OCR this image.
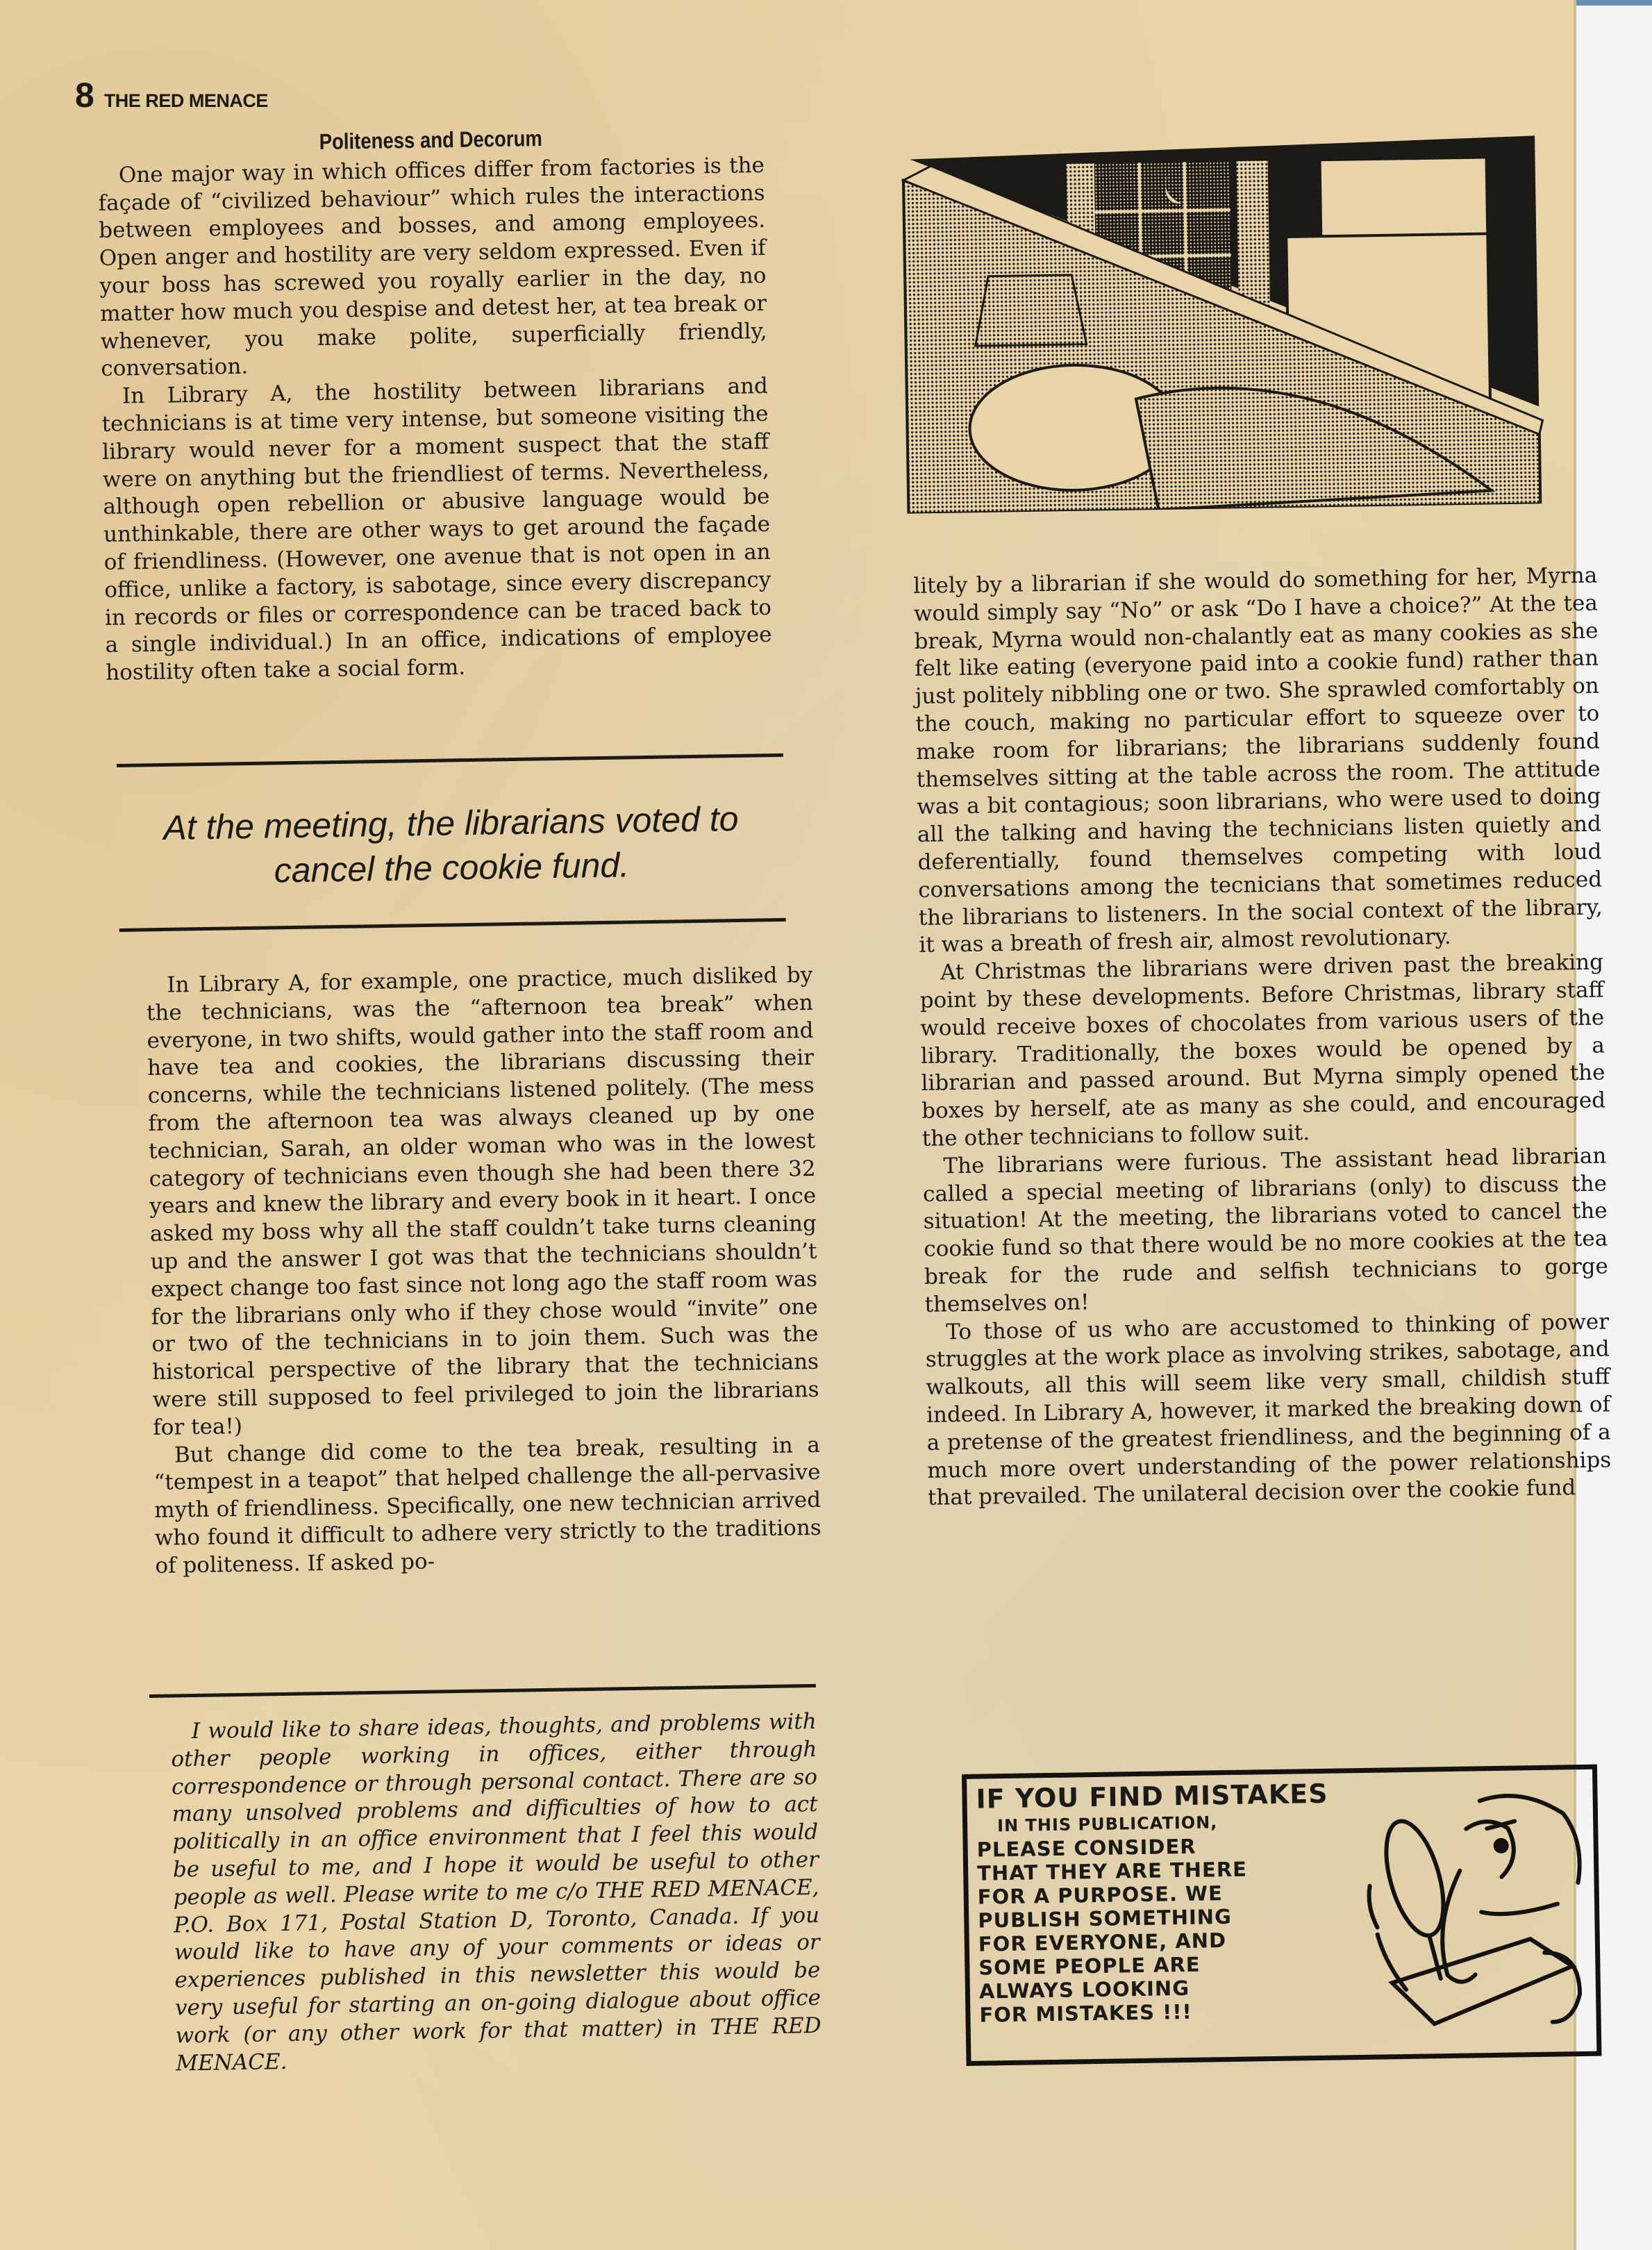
8 THE RED MENACE
Politeness and Decorum

One major way in which offices differ from factories is the façade of “civilized behaviour” which rules the interactions between employees and bosses, and among employees. Open anger and hostility are very seldom expressed. Even if your boss has screwed you royally earlier in the day, no matter how much you despise and detest her, at tea break or whenever, you make polite, superficially friendly, conversation.

In Library A, the hostility between librarians and technicians is at time very intense, but someone visiting the library would never for a moment suspect that the staff were on anything but the friendliest of terms. Nevertheless, although open rebellion or abusive language would be unthinkable, there are other ways to get around the façade of friendliness. (However, one avenue that is not open in an office, unlike a factory, is sabotage, since every discrepancy in records or files or correspondence can be traced back to a single individual.) In an office, indications of employee hostility often take a social form.

At the meeting, the librarians voted to cancel the cookie fund.

In Library A, for example, one practice, much disliked by the technicians, was the “afternoon tea break” when everyone, in two shifts, would gather into the staff room and have tea and cookies, the librarians discussing their concerns, while the technicians listened politely. (The mess from the afternoon tea was always cleaned up by one technician, Sarah, an older woman who was in the lowest category of technicians even though she had been there 32 years and knew the library and every book in it heart. I once asked my boss why all the staff couldn’t take turns cleaning up and the answer I got was that the technicians shouldn’t expect change too fast since not long ago the staff room was for the librarians only who if they chose would “invite” one or two of the technicians in to join them. Such was the historical perspective of the library that the technicians were still supposed to feel privileged to join the librarians for tea!)

But change did come to the tea break, resulting in a “tempest in a teapot” that helped challenge the all-pervasive myth of friendliness. Specifically, one new technician arrived who found it difficult to adhere very strictly to the traditions of politeness. If asked po-

I would like to share ideas, thoughts, and problems with other people working in offices, either through correspondence or through personal contact. There are so many unsolved problems and difficulties of how to act politically in an office environment that I feel this would be useful to me, and I hope it would be useful to other people as well. Please write to me c/o THE RED MENACE, P.O. Box 171, Postal Station D, Toronto, Canada. If you would like to have any of your comments or ideas or experiences published in this newsletter this would be very useful for starting an on-going dialogue about office work (or any other work for that matter) in THE RED MENACE.

litely by a librarian if she would do something for her, Myrna would simply say “No” or ask “Do I have a choice?” At the tea break, Myrna would non-chalantly eat as many cookies as she felt like eating (everyone paid into a cookie fund) rather than just politely nibbling one or two. She sprawled comfortably on the couch, making no particular effort to squeeze over to make room for librarians; the librarians suddenly found themselves sitting at the table across the room. The attitude was a bit contagious; soon librarians, who were used to doing all the talking and having the technicians listen quietly and deferentially, found themselves competing with loud conversations among the tecnicians that sometimes reduced the librarians to listeners. In the social context of the library, it was a breath of fresh air, almost revolutionary.

At Christmas the librarians were driven past the breaking point by these developments. Before Christmas, library staff would receive boxes of chocolates from various users of the library. Traditionally, the boxes would be opened by a librarian and passed around. But Myrna simply opened the boxes by herself, ate as many as she could, and encouraged the other technicians to follow suit.

The librarians were furious. The assistant head librarian called a special meeting of librarians (only) to discuss the situation! At the meeting, the librarians voted to cancel the cookie fund so that there would be no more cookies at the tea break for the rude and selfish technicians to gorge themselves on!

To those of us who are accustomed to thinking of power struggles at the work place as involving strikes, sabotage, and walkouts, all this will seem like very small, childish stuff indeed. In Library A, however, it marked the breaking down of a pretense of the greatest friendliness, and the beginning of a much more overt understanding of the power relationships that prevailed. The unilateral decision over the cookie fund

IF YOU FIND MISTAKES
IN THIS PUBLICATION,
PLEASE CONSIDER
THAT THEY ARE THERE
FOR A PURPOSE. WE
PUBLISH SOMETHING
FOR EVERYONE, AND
SOME PEOPLE ARE
ALWAYS LOOKING
FOR MISTAKES !!!
